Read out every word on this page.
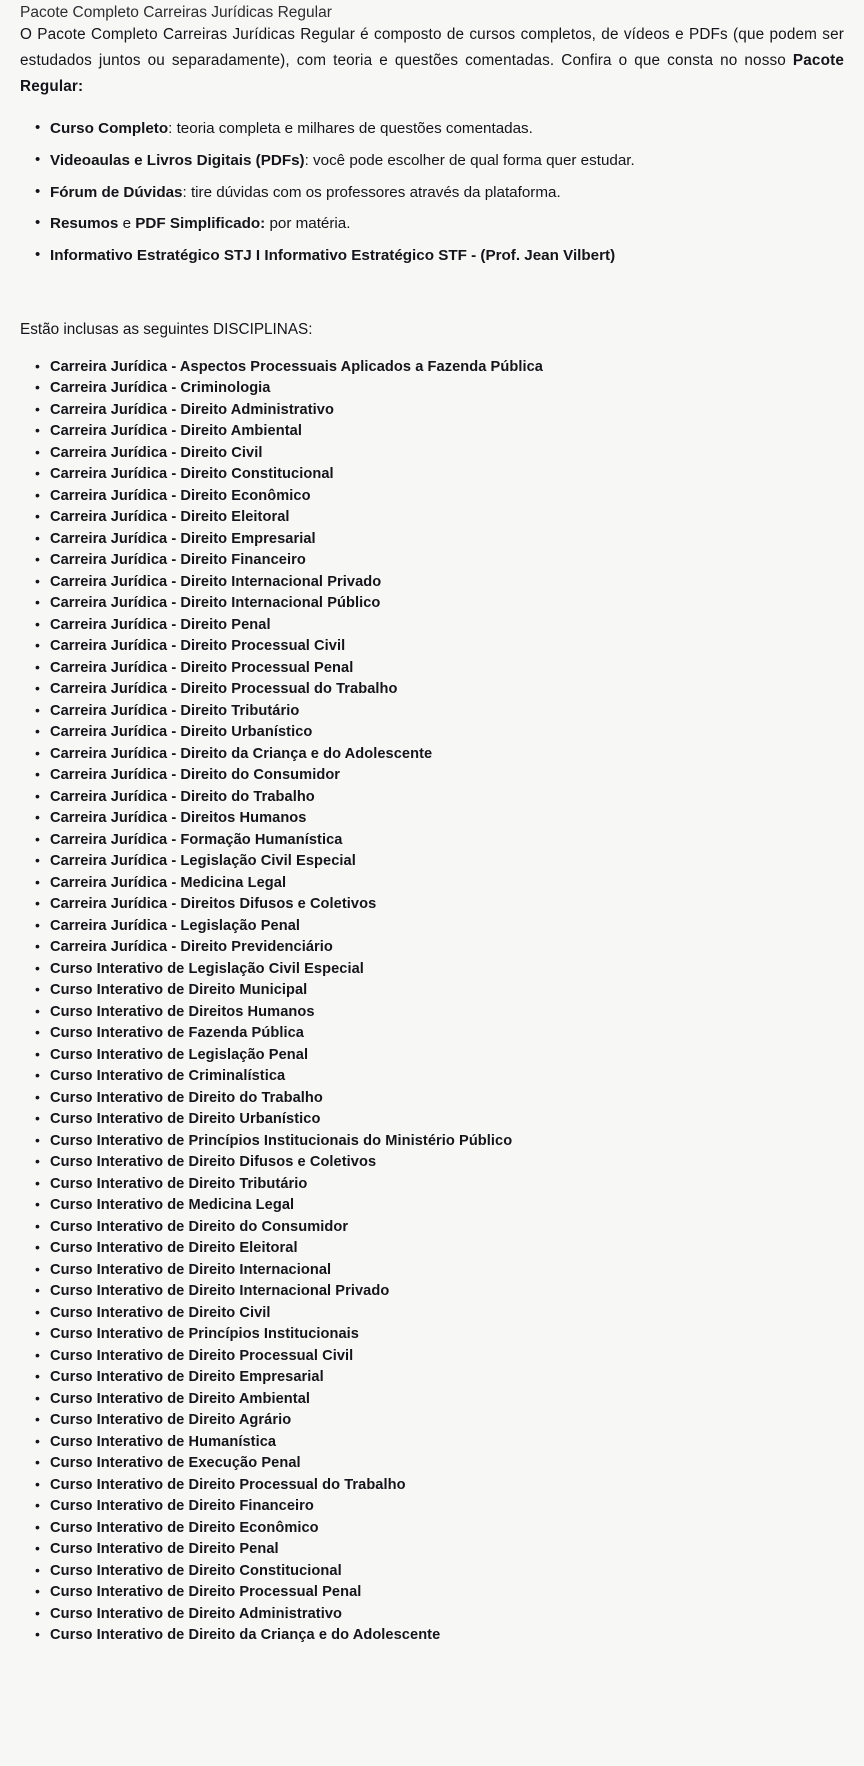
Pacote Completo Carreiras Jurídicas Regular

O Pacote Completo Carreiras Jurídicas Regular é composto de cursos completos, de vídeos e PDFs (que podem ser estudados juntos ou separadamente), com teoria e questões comentadas. Confira o que consta no nosso Pacote Regular:

• Curso Completo: teoria completa e milhares de questões comentadas.
• Videoaulas e Livros Digitais (PDFs): você pode escolher de qual forma quer estudar.
• Fórum de Dúvidas: tire dúvidas com os professores através da plataforma.
• Resumos e PDF Simplificado: por matéria.
• Informativo Estratégico STJ I Informativo Estratégico STF - (Prof. Jean Vilbert)

Estão inclusas as seguintes DISCIPLINAS:

• Carreira Jurídica - Aspectos Processuais Aplicados a Fazenda Pública
• Carreira Jurídica - Criminologia
• Carreira Jurídica - Direito Administrativo
• Carreira Jurídica - Direito Ambiental
• Carreira Jurídica - Direito Civil
• Carreira Jurídica - Direito Constitucional
• Carreira Jurídica - Direito Econômico
• Carreira Jurídica - Direito Eleitoral
• Carreira Jurídica - Direito Empresarial
• Carreira Jurídica - Direito Financeiro
• Carreira Jurídica - Direito Internacional Privado
• Carreira Jurídica - Direito Internacional Público
• Carreira Jurídica - Direito Penal
• Carreira Jurídica - Direito Processual Civil
• Carreira Jurídica - Direito Processual Penal
• Carreira Jurídica - Direito Processual do Trabalho
• Carreira Jurídica - Direito Tributário
• Carreira Jurídica - Direito Urbanístico
• Carreira Jurídica - Direito da Criança e do Adolescente
• Carreira Jurídica - Direito do Consumidor
• Carreira Jurídica - Direito do Trabalho
• Carreira Jurídica - Direitos Humanos
• Carreira Jurídica - Formação Humanística
• Carreira Jurídica - Legislação Civil Especial
• Carreira Jurídica - Medicina Legal
• Carreira Jurídica - Direitos Difusos e Coletivos
• Carreira Jurídica - Legislação Penal
• Carreira Jurídica - Direito Previdenciário
• Curso Interativo de Legislação Civil Especial
• Curso Interativo de Direito Municipal
• Curso Interativo de Direitos Humanos
• Curso Interativo de Fazenda Pública
• Curso Interativo de Legislação Penal
• Curso Interativo de Criminalística
• Curso Interativo de Direito do Trabalho
• Curso Interativo de Direito Urbanístico
• Curso Interativo de Princípios Institucionais do Ministério Público
• Curso Interativo de Direito Difusos e Coletivos
• Curso Interativo de Direito Tributário
• Curso Interativo de Medicina Legal
• Curso Interativo de Direito do Consumidor
• Curso Interativo de Direito Eleitoral
• Curso Interativo de Direito Internacional
• Curso Interativo de Direito Internacional Privado
• Curso Interativo de Direito Civil
• Curso Interativo de Princípios Institucionais
• Curso Interativo de Direito Processual Civil
• Curso Interativo de Direito Empresarial
• Curso Interativo de Direito Ambiental
• Curso Interativo de Direito Agrário
• Curso Interativo de Humanística
• Curso Interativo de Execução Penal
• Curso Interativo de Direito Processual do Trabalho
• Curso Interativo de Direito Financeiro
• Curso Interativo de Direito Econômico
• Curso Interativo de Direito Penal
• Curso Interativo de Direito Constitucional
• Curso Interativo de Direito Processual Penal
• Curso Interativo de Direito Administrativo
• Curso Interativo de Direito da Criança e do Adolescente
